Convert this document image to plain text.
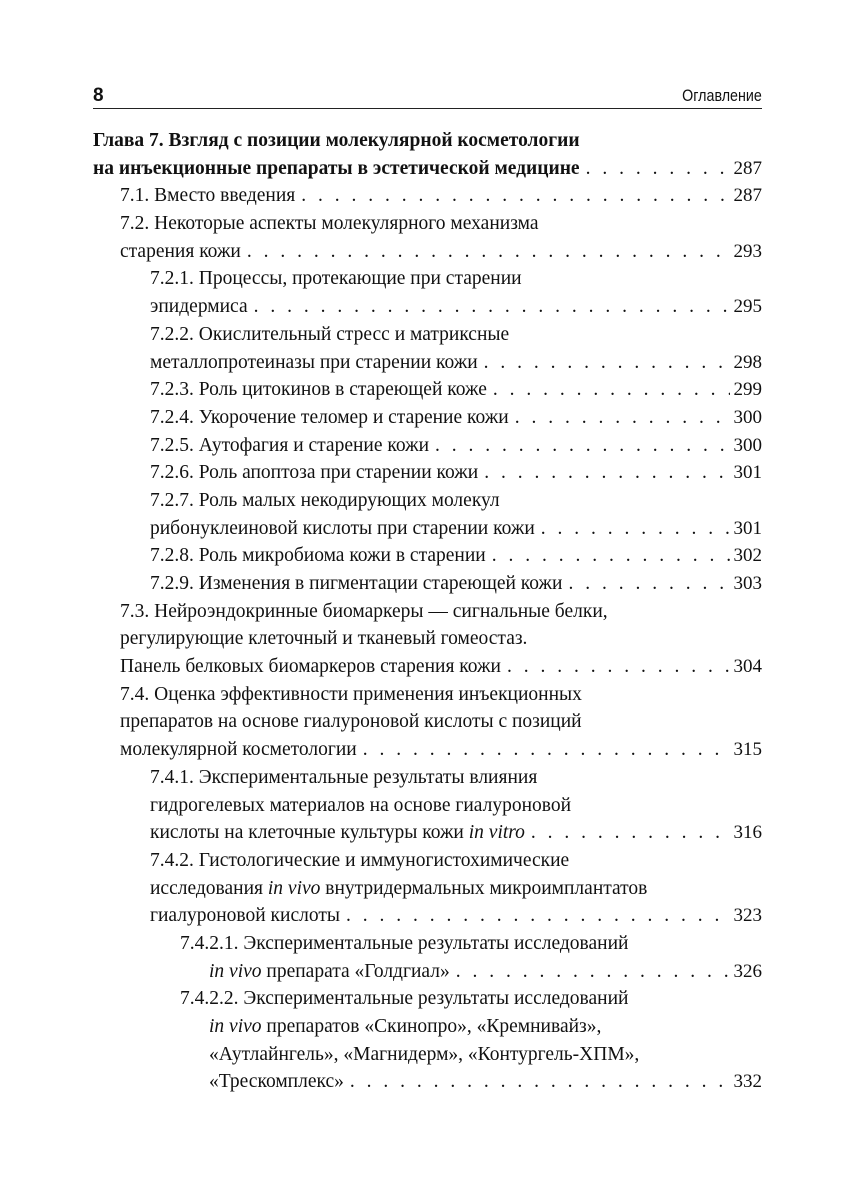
8	Оглавление
Глава 7. Взгляд с позиции молекулярной косметологии
на инъекционные препараты в эстетической медицине . . .	287
7.1. Вместо введения . . .	287
7.2. Некоторые аспекты молекулярного механизма
старения кожи . . .	293
7.2.1. Процессы, протекающие при старении
эпидермиса . . .	295
7.2.2. Окислительный стресс и матриксные
металлопротеиназы при старении кожи . . .	298
7.2.3. Роль цитокинов в стареющей коже . . .	299
7.2.4. Укорочение теломер и старение кожи . . .	300
7.2.5. Аутофагия и старение кожи . . .	300
7.2.6. Роль апоптоза при старении кожи . . .	301
7.2.7. Роль малых некодирующих молекул
рибонуклеиновой кислоты при старении кожи . . .	301
7.2.8. Роль микробиома кожи в старении . . .	302
7.2.9. Изменения в пигментации стареющей кожи . . .	303
7.3. Нейроэндокринные биомаркеры — сигнальные белки,
регулирующие клеточный и тканевый гомеостаз.
Панель белковых биомаркеров старения кожи . . .	304
7.4. Оценка эффективности применения инъекционных
препаратов на основе гиалуроновой кислоты с позиций
молекулярной косметологии . . .	315
7.4.1. Экспериментальные результаты влияния
гидрогелевых материалов на основе гиалуроновой
кислоты на клеточные культуры кожи in vitro . . .	316
7.4.2. Гистологические и иммуногистохимические
исследования in vivo внутридермальных микроимплантатов
гиалуроновой кислоты . . .	323
7.4.2.1. Экспериментальные результаты исследований
in vivo препарата «Голдгиал» . . .	326
7.4.2.2. Экспериментальные результаты исследований
in vivo препаратов «Скинопро», «Кремнивайз»,
«Аутлайнгель», «Магнидерм», «Контургель-ХПМ»,
«Трескомплекс» . . .	332
